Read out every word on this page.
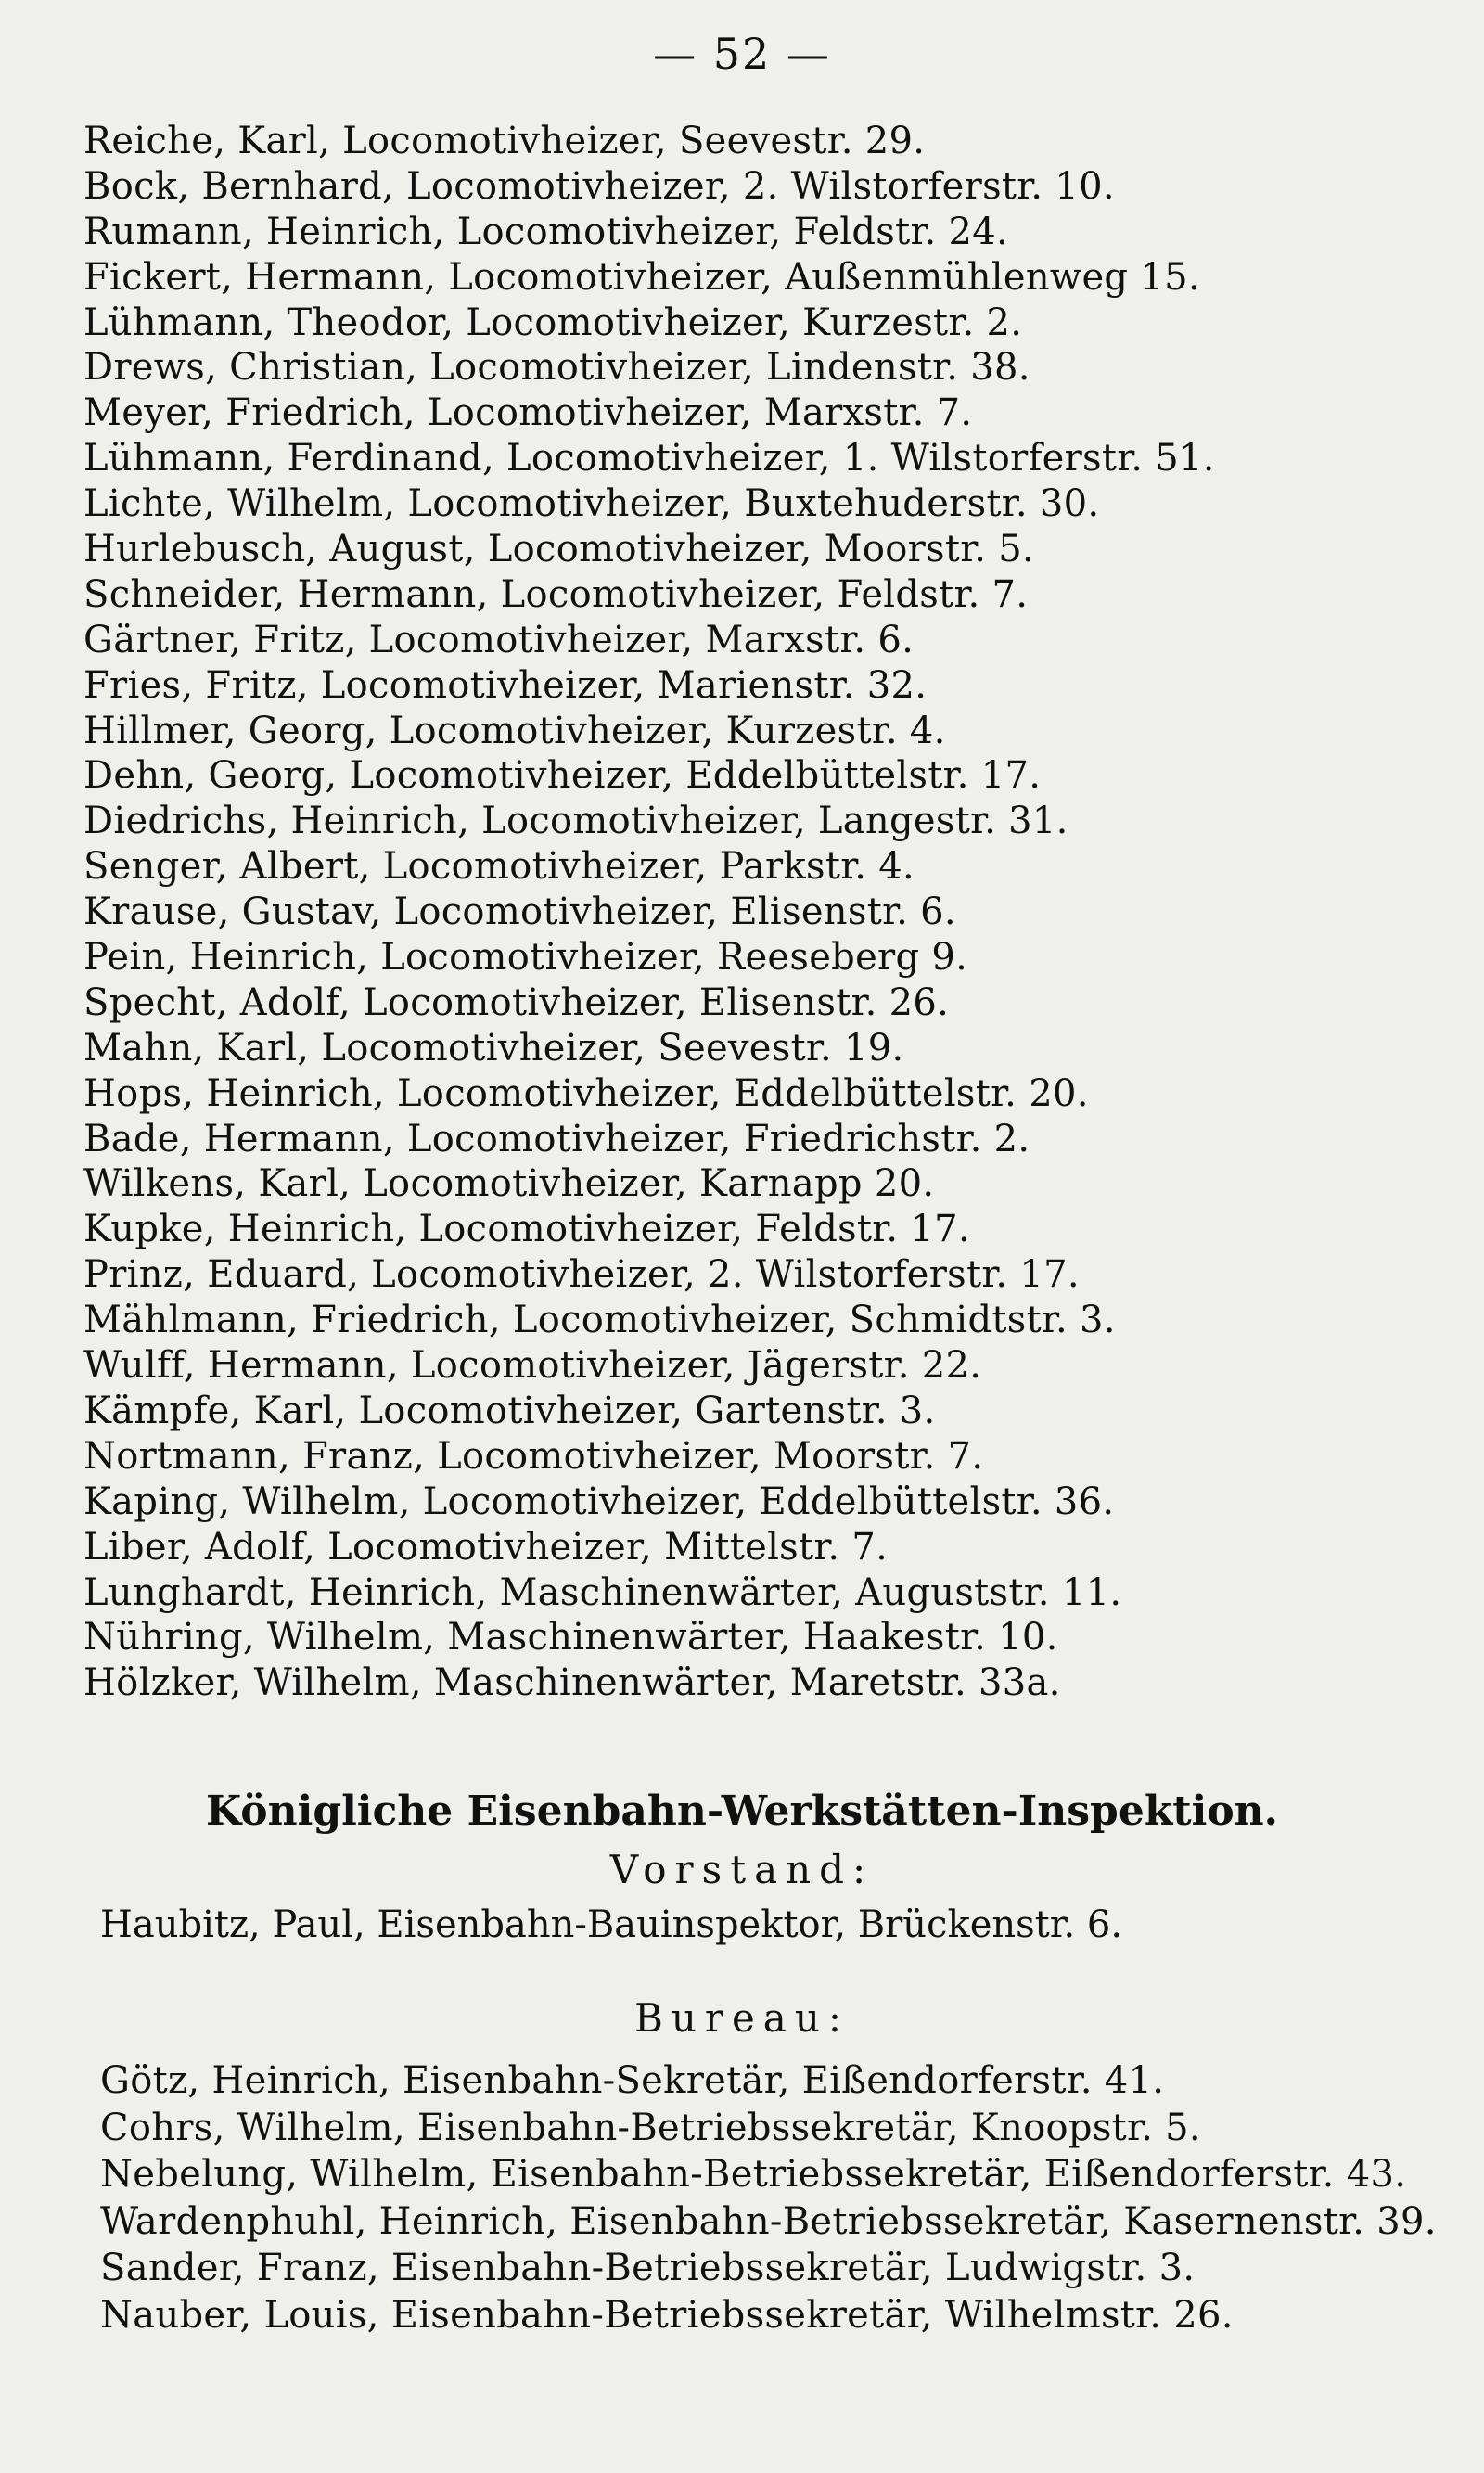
— 52 —
Reiche, Karl, Locomotivheizer, Seevestr. 29.
Bock, Bernhard, Locomotivheizer, 2. Wilstorferstr. 10.
Rumann, Heinrich, Locomotivheizer, Feldstr. 24.
Fickert, Hermann, Locomotivheizer, Außenmühlenweg 15.
Lühmann, Theodor, Locomotivheizer, Kurzestr. 2.
Drews, Christian, Locomotivheizer, Lindenstr. 38.
Meyer, Friedrich, Locomotivheizer, Marxstr. 7.
Lühmann, Ferdinand, Locomotivheizer, 1. Wilstorferstr. 51.
Lichte, Wilhelm, Locomotivheizer, Buxtehuderstr. 30.
Hurlebusch, August, Locomotivheizer, Moorstr. 5.
Schneider, Hermann, Locomotivheizer, Feldstr. 7.
Gärtner, Fritz, Locomotivheizer, Marxstr. 6.
Fries, Fritz, Locomotivheizer, Marienstr. 32.
Hillmer, Georg, Locomotivheizer, Kurzestr. 4.
Dehn, Georg, Locomotivheizer, Eddelbüttelstr. 17.
Diedrichs, Heinrich, Locomotivheizer, Langestr. 31.
Senger, Albert, Locomotivheizer, Parkstr. 4.
Krause, Gustav, Locomotivheizer, Elisenstr. 6.
Pein, Heinrich, Locomotivheizer, Reeseberg 9.
Specht, Adolf, Locomotivheizer, Elisenstr. 26.
Mahn, Karl, Locomotivheizer, Seevestr. 19.
Hops, Heinrich, Locomotivheizer, Eddelbüttelstr. 20.
Bade, Hermann, Locomotivheizer, Friedrichstr. 2.
Wilkens, Karl, Locomotivheizer, Karnapp 20.
Kupke, Heinrich, Locomotivheizer, Feldstr. 17.
Prinz, Eduard, Locomotivheizer, 2. Wilstorferstr. 17.
Mählmann, Friedrich, Locomotivheizer, Schmidtstr. 3.
Wulff, Hermann, Locomotivheizer, Jägerstr. 22.
Kämpfe, Karl, Locomotivheizer, Gartenstr. 3.
Nortmann, Franz, Locomotivheizer, Moorstr. 7.
Kaping, Wilhelm, Locomotivheizer, Eddelbüttelstr. 36.
Liber, Adolf, Locomotivheizer, Mittelstr. 7.
Lunghardt, Heinrich, Maschinenwärter, Auguststr. 11.
Nühring, Wilhelm, Maschinenwärter, Haakestr. 10.
Hölzker, Wilhelm, Maschinenwärter, Maretstr. 33a.
Königliche Eisenbahn-Werkstätten-Inspektion.
Vorstand:
Haubitz, Paul, Eisenbahn-Bauinspektor, Brückenstr. 6.
Bureau:
Götz, Heinrich, Eisenbahn-Sekretär, Eißendorferstr. 41.
Cohrs, Wilhelm, Eisenbahn-Betriebssekretär, Knoopstr. 5.
Nebelung, Wilhelm, Eisenbahn-Betriebssekretär, Eißendorferstr. 43.
Wardenphuhl, Heinrich, Eisenbahn-Betriebssekretär, Kasernenstr. 39.
Sander, Franz, Eisenbahn-Betriebssekretär, Ludwigstr. 3.
Nauber, Louis, Eisenbahn-Betriebssekretär, Wilhelmstr. 26.
